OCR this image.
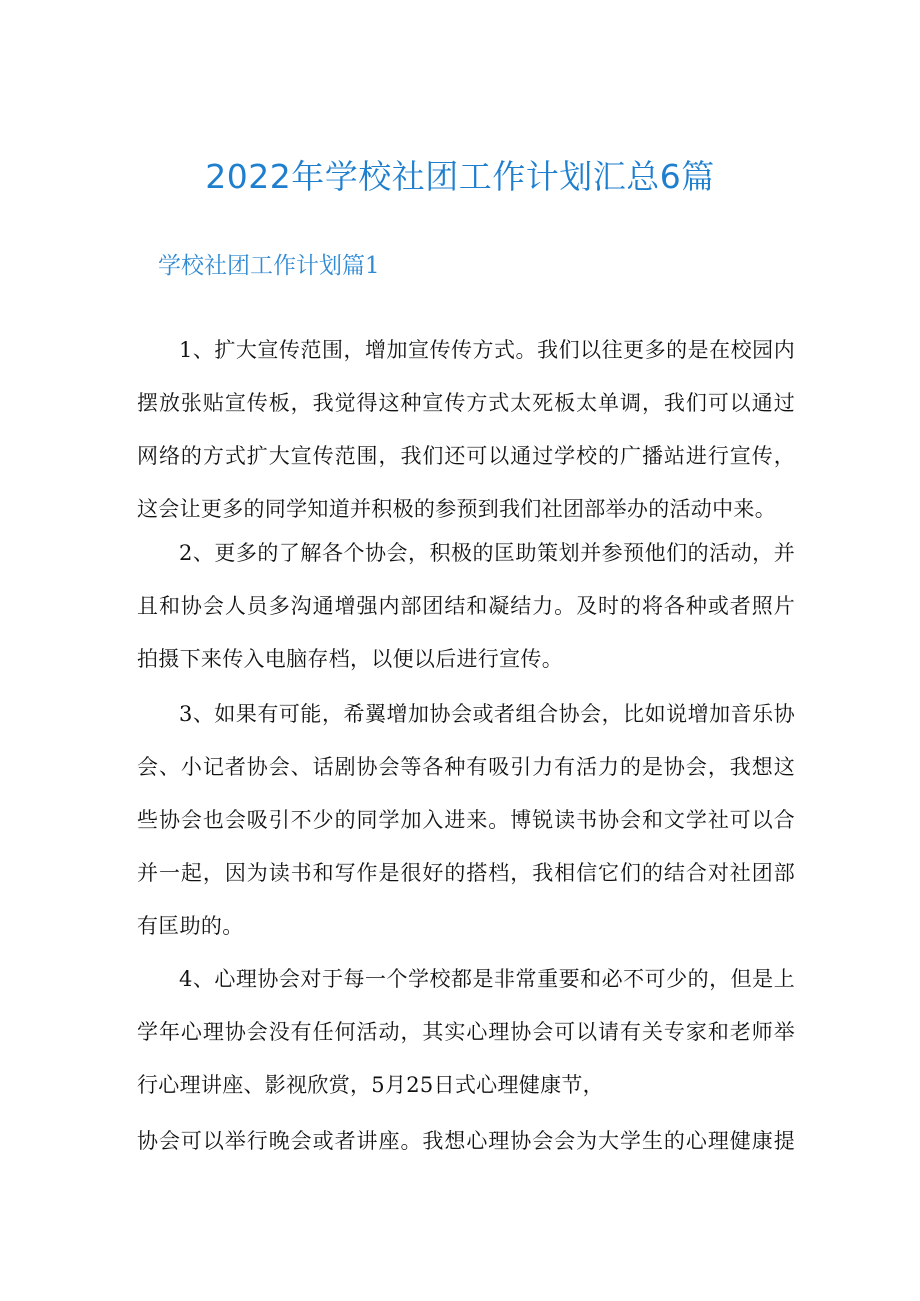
2022年学校社团工作计划汇总6篇
学校社团工作计划篇1
1、扩大宣传范围，增加宣传传方式。我们以往更多的是在校园内
摆放张贴宣传板，我觉得这种宣传方式太死板太单调，我们可以通过
网络的方式扩大宣传范围，我们还可以通过学校的广播站进行宣传，
这会让更多的同学知道并积极的参预到我们社团部举办的活动中来。
2、更多的了解各个协会，积极的匡助策划并参预他们的活动，并
且和协会人员多沟通增强内部团结和凝结力。及时的将各种或者照片
拍摄下来传入电脑存档，以便以后进行宣传。
3、如果有可能，希翼增加协会或者组合协会，比如说增加音乐协
会、小记者协会、话剧协会等各种有吸引力有活力的是协会，我想这
些协会也会吸引不少的同学加入进来。博锐读书协会和文学社可以合
并一起，因为读书和写作是很好的搭档，我相信它们的结合对社团部
有匡助的。
4、心理协会对于每一个学校都是非常重要和必不可少的，但是上
学年心理协会没有任何活动，其实心理协会可以请有关专家和老师举
行心理讲座、影视欣赏，5月25日式心理健康节，
协会可以举行晚会或者讲座。我想心理协会会为大学生的心理健康提
